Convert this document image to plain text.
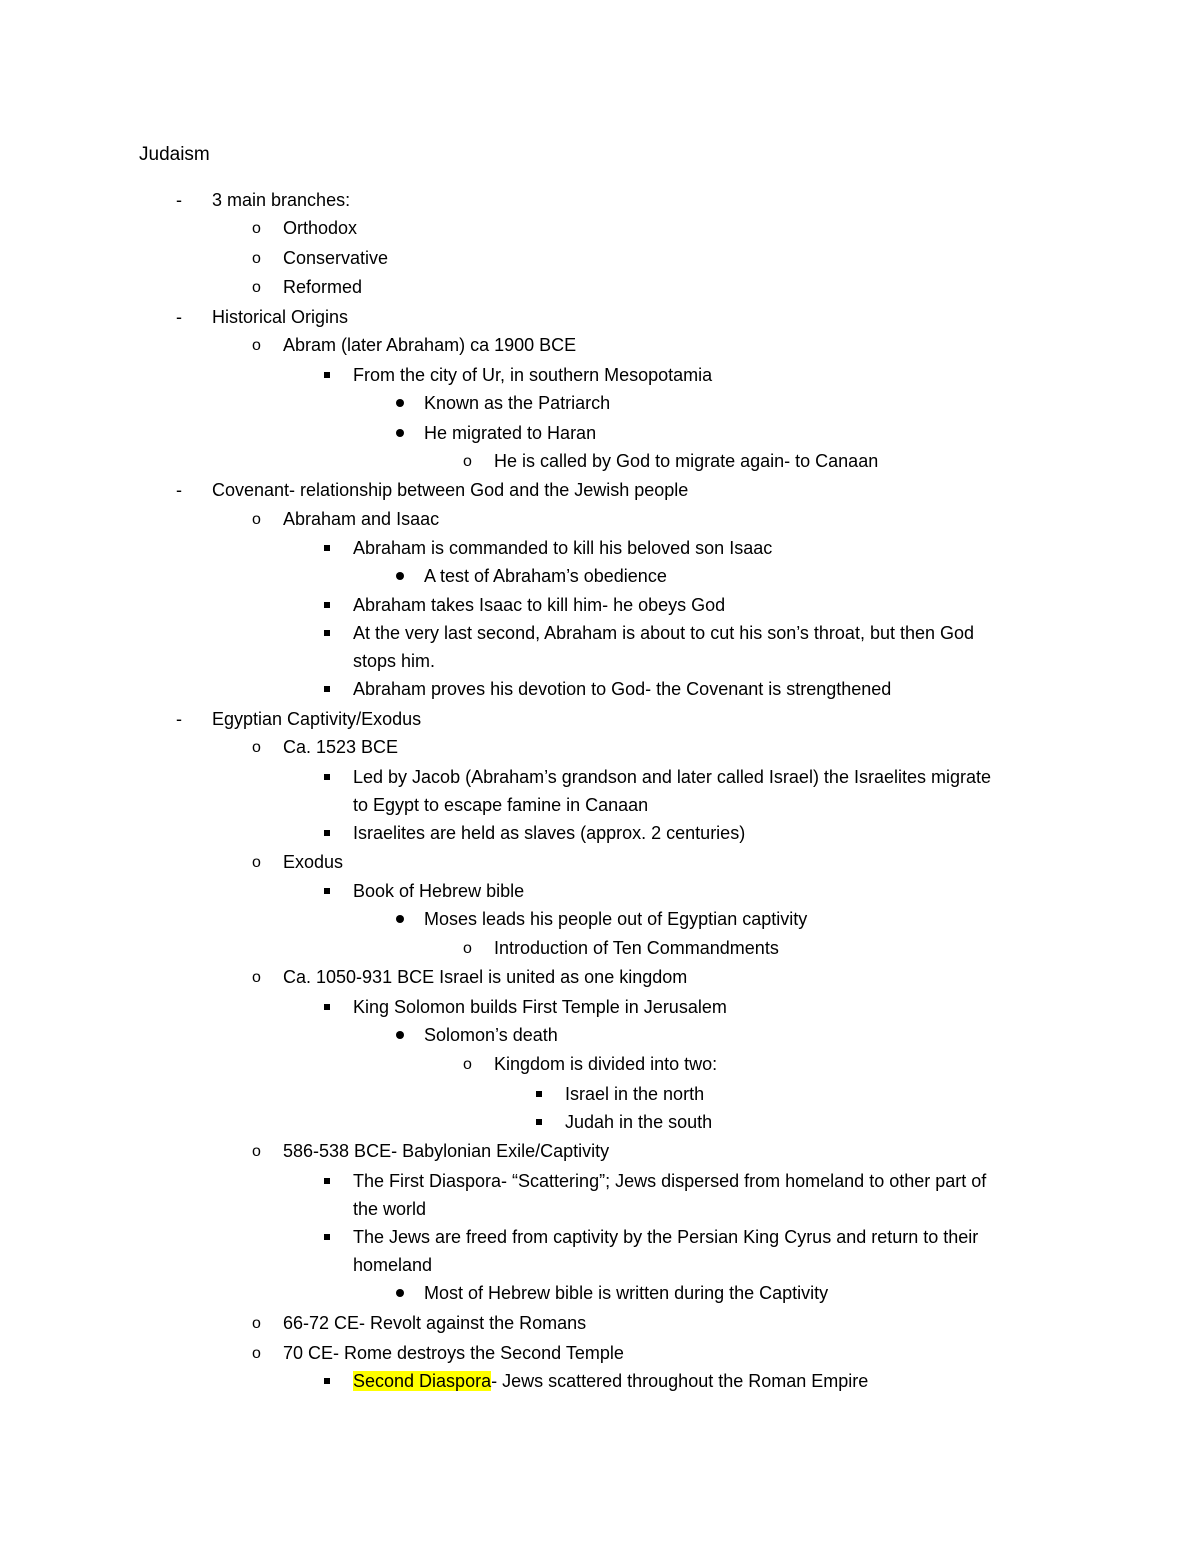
Judaism
- 3 main branches:
o Orthodox
o Conservative
o Reformed
- Historical Origins
o Abram (later Abraham) ca 1900 BCE
From the city of Ur, in southern Mesopotamia
Known as the Patriarch
He migrated to Haran
o He is called by God to migrate again- to Canaan
- Covenant- relationship between God and the Jewish people
o Abraham and Isaac
Abraham is commanded to kill his beloved son Isaac
A test of Abraham’s obedience
Abraham takes Isaac to kill him- he obeys God
At the very last second, Abraham is about to cut his son’s throat, but then God
stops him.
Abraham proves his devotion to God- the Covenant is strengthened
- Egyptian Captivity/Exodus
o Ca. 1523 BCE
Led by Jacob (Abraham’s grandson and later called Israel) the Israelites migrate
to Egypt to escape famine in Canaan
Israelites are held as slaves (approx. 2 centuries)
o Exodus
Book of Hebrew bible
Moses leads his people out of Egyptian captivity
o Introduction of Ten Commandments
o Ca. 1050-931 BCE Israel is united as one kingdom
King Solomon builds First Temple in Jerusalem
Solomon’s death
o Kingdom is divided into two:
Israel in the north
Judah in the south
o 586-538 BCE- Babylonian Exile/Captivity
The First Diaspora- “Scattering”; Jews dispersed from homeland to other part of
the world
The Jews are freed from captivity by the Persian King Cyrus and return to their
homeland
Most of Hebrew bible is written during the Captivity
o 66-72 CE- Revolt against the Romans
o 70 CE- Rome destroys the Second Temple
Second Diaspora- Jews scattered throughout the Roman Empire
